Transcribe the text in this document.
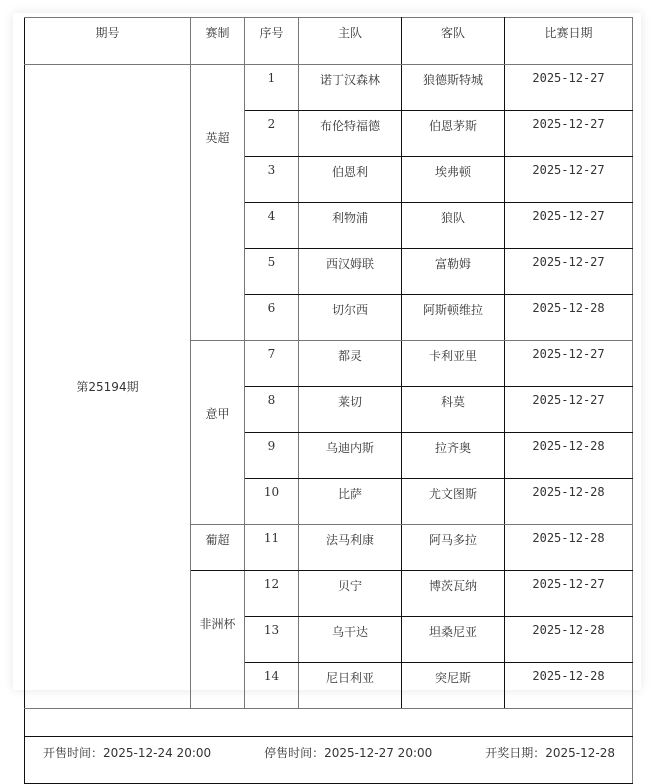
期号	赛制	序号	主队	客队	比赛日期
第25194期	英超	1	诺丁汉森林	狼德斯特城	2025-12-27
		2	布伦特福德	伯恩茅斯	2025-12-27
		3	伯恩利	埃弗顿	2025-12-27
		4	利物浦	狼队	2025-12-27
		5	西汉姆联	富勒姆	2025-12-27
		6	切尔西	阿斯顿维拉	2025-12-28
	意甲	7	都灵	卡利亚里	2025-12-27
		8	莱切	科莫	2025-12-27
		9	乌迪内斯	拉齐奥	2025-12-28
		10	比萨	尤文图斯	2025-12-28
	葡超	11	法马利康	阿马多拉	2025-12-28
	非洲杯	12	贝宁	博茨瓦纳	2025-12-27
		13	乌干达	坦桑尼亚	2025-12-28
		14	尼日利亚	突尼斯	2025-12-28

开售时间：2025-12-24 20:00 停售时间：2025-12-27 20:00 开奖日期：2025-12-28					
